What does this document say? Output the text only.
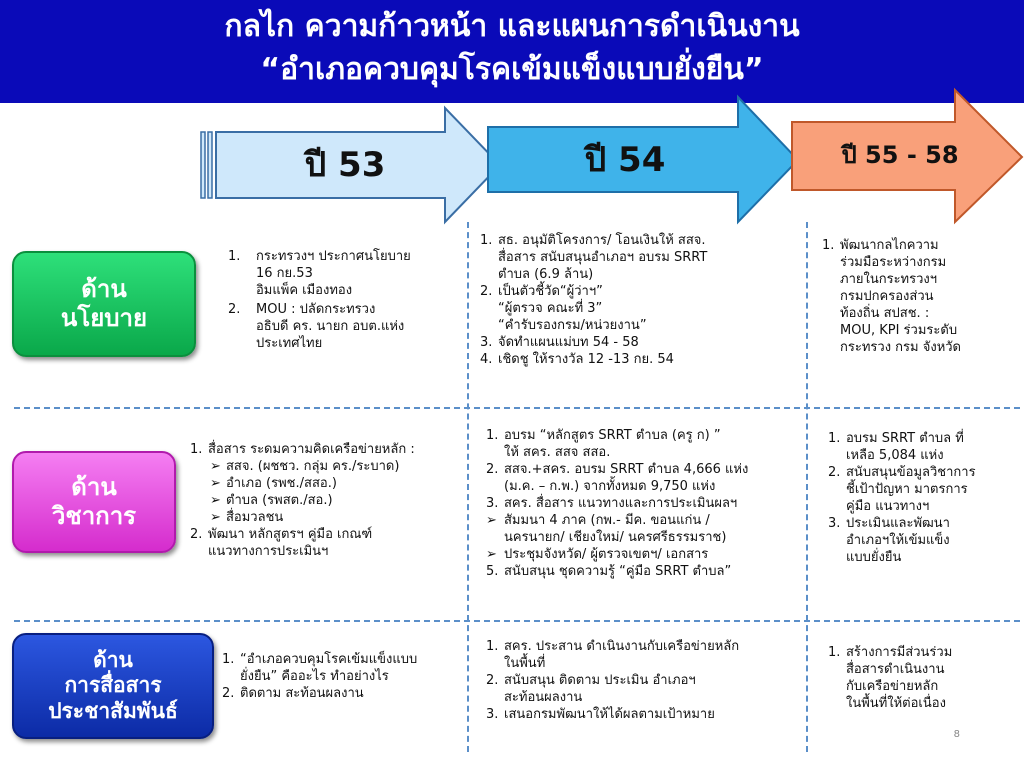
กลไก ความก้าวหน้า และแผนการดำเนินงาน
“อำเภอควบคุมโรคเข้มแข็งแบบยั่งยืน”
ปี 53	ปี 54	ปี 55 - 58
ด้าน
นโยบาย
ด้าน
วิชาการ
ด้าน
การสื่อสาร
ประชาสัมพันธ์
1. กระทรวงฯ ประกาศนโยบาย
16 กย.53
อิมแพ็ค เมืองทอง
2. MOU : ปลัดกระทรวง
อธิบดี คร. นายก อบต.แห่ง
ประเทศไทย
1. สธ. อนุมัติโครงการ/ โอนเงินให้ สสจ.
สื่อสาร สนับสนุนอำเภอฯ อบรม SRRT
ตำบล (6.9 ล้าน)
2. เป็นตัวชี้วัด“ผู้ว่าฯ”
“ผู้ตรวจ คณะที่ 3”
“คำรับรองกรม/หน่วยงาน”
3. จัดทำแผนแม่บท 54 - 58
4. เชิดชู ให้รางวัล 12 -13 กย. 54
1. พัฒนากลไกความ
ร่วมมือระหว่างกรม
ภายในกระทรวงฯ
กรมปกครองส่วน
ท้องถิ่น สปสช. :
MOU, KPI ร่วมระดับ
กระทรวง กรม จังหวัด
1. สื่อสาร ระดมความคิดเครือข่ายหลัก :
➢ สสจ. (ผชชว. กลุ่ม คร./ระบาด)
➢ อำเภอ (รพช./สสอ.)
➢ ตำบล (รพสต./สอ.)
➢ สื่อมวลชน
2. พัฒนา หลักสูตรฯ คู่มือ เกณฑ์
แนวทางการประเมินฯ
1. อบรม “หลักสูตร SRRT ตำบล (ครู ก) ”
ให้ สคร. สสจ สสอ.
2. สสจ.+สคร. อบรม SRRT ตำบล 4,666 แห่ง
(ม.ค. – ก.พ.) จากทั้งหมด 9,750 แห่ง
3. สคร. สื่อสาร แนวทางและการประเมินผลฯ
➢ สัมมนา 4 ภาค (กพ.- มีค. ขอนแก่น /
นครนายก/ เชียงใหม่/ นครศรีธรรมราช)
➢ ประชุมจังหวัด/ ผู้ตรวจเขตฯ/ เอกสาร
5. สนับสนุน ชุดความรู้ “คู่มือ SRRT ตำบล”
1. อบรม SRRT ตำบล ที่
เหลือ 5,084 แห่ง
2. สนับสนุนข้อมูลวิชาการ
ชี้เป้าปัญหา มาตรการ
คู่มือ แนวทางฯ
3. ประเมินและพัฒนา
อำเภอฯให้เข้มแข็ง
แบบยั่งยืน
1. “อำเภอควบคุมโรคเข้มแข็งแบบ
ยั่งยืน” คืออะไร ทำอย่างไร
2. ติดตาม สะท้อนผลงาน
1. สคร. ประสาน ดำเนินงานกับเครือข่ายหลัก
ในพื้นที่
2. สนับสนุน ติดตาม ประเมิน อำเภอฯ
สะท้อนผลงาน
3. เสนอกรมพัฒนาให้ได้ผลตามเป้าหมาย
1. สร้างการมีส่วนร่วม
สื่อสารดำเนินงาน
กับเครือข่ายหลัก
ในพื้นที่ให้ต่อเนื่อง
8
